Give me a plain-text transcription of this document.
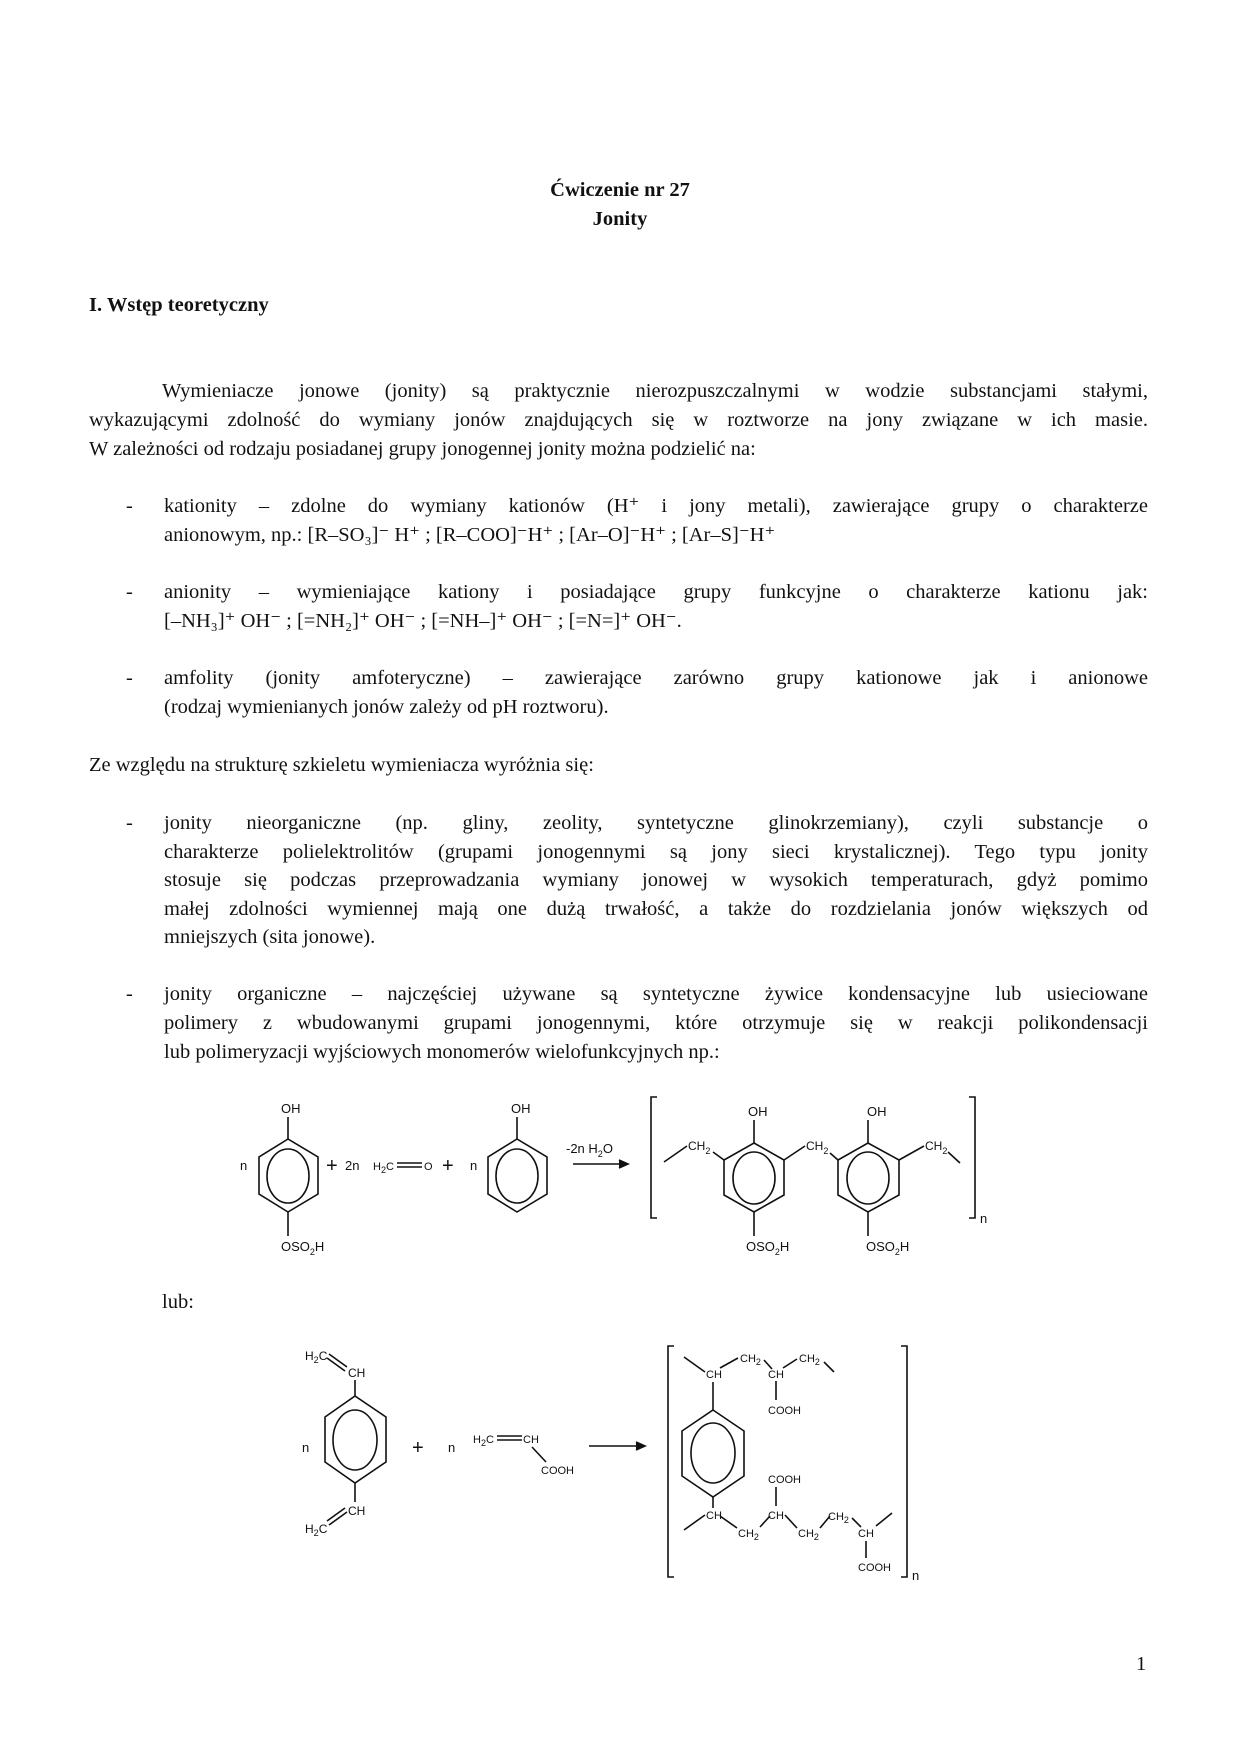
Ćwiczenie nr 27
Jonity
I. Wstęp teoretyczny
Wymieniacze jonowe (jonity) są praktycznie nierozpuszczalnymi w wodzie substancjami stałymi,
wykazującymi zdolność do wymiany jonów znajdujących się w roztworze na jony związane w ich masie.
W zależności od rodzaju posiadanej grupy jonogennej jonity można podzielić na:
- kationity – zdolne do wymiany kationów (H⁺ i jony metali), zawierające grupy o charakterze
anionowym, np.: [R–SO₃]⁻ H⁺ ; [R–COO]⁻H⁺ ; [Ar–O]⁻H⁺ ; [Ar–S]⁻H⁺
- anionity – wymieniające kationy i posiadające grupy funkcyjne o charakterze kationu jak:
[–NH₃]⁺ OH⁻ ; [=NH₂]⁺ OH⁻ ; [=NH–]⁺ OH⁻ ; [=N=]⁺ OH⁻.
- amfolity (jonity amfoteryczne) – zawierające zarówno grupy kationowe jak i anionowe
(rodzaj wymienianych jonów zależy od pH roztworu).
Ze względu na strukturę szkieletu wymieniacza wyróżnia się:
- jonity nieorganiczne (np. gliny, zeolity, syntetyczne glinokrzemiany), czyli substancje o
charakterze polielektrolitów (grupami jonogennymi są jony sieci krystalicznej). Tego typu jonity
stosuje się podczas przeprowadzania wymiany jonowej w wysokich temperaturach, gdyż pomimo
małej zdolności wymiennej mają one dużą trwałość, a także do rozdzielania jonów większych od
mniejszych (sita jonowe).
- jonity organiczne – najczęściej używane są syntetyczne żywice kondensacyjne lub usieciowane
polimery z wbudowanymi grupami jonogennymi, które otrzymuje się w reakcji polikondensacji
lub polimeryzacji wyjściowych monomerów wielofunkcyjnych np.:
lub:
OH
$OSO_2H$
n	+ 2n $H_2C$	O + n
OH
-2n $H_2O$
n
OH
$OSO_2H$
OH
$OSO_2H$
$CH_2$	$CH_2$	$CH_2$
$H_2C$
CH
CH
$H_2C$
n	+ n $H_2C$	CH
COOH
n
CH
$CH_2$
CH
$CH_2$
COOH
COOH
CH
$CH_2$
CH
$CH_2$
$CH_2$
CH
COOH
1
